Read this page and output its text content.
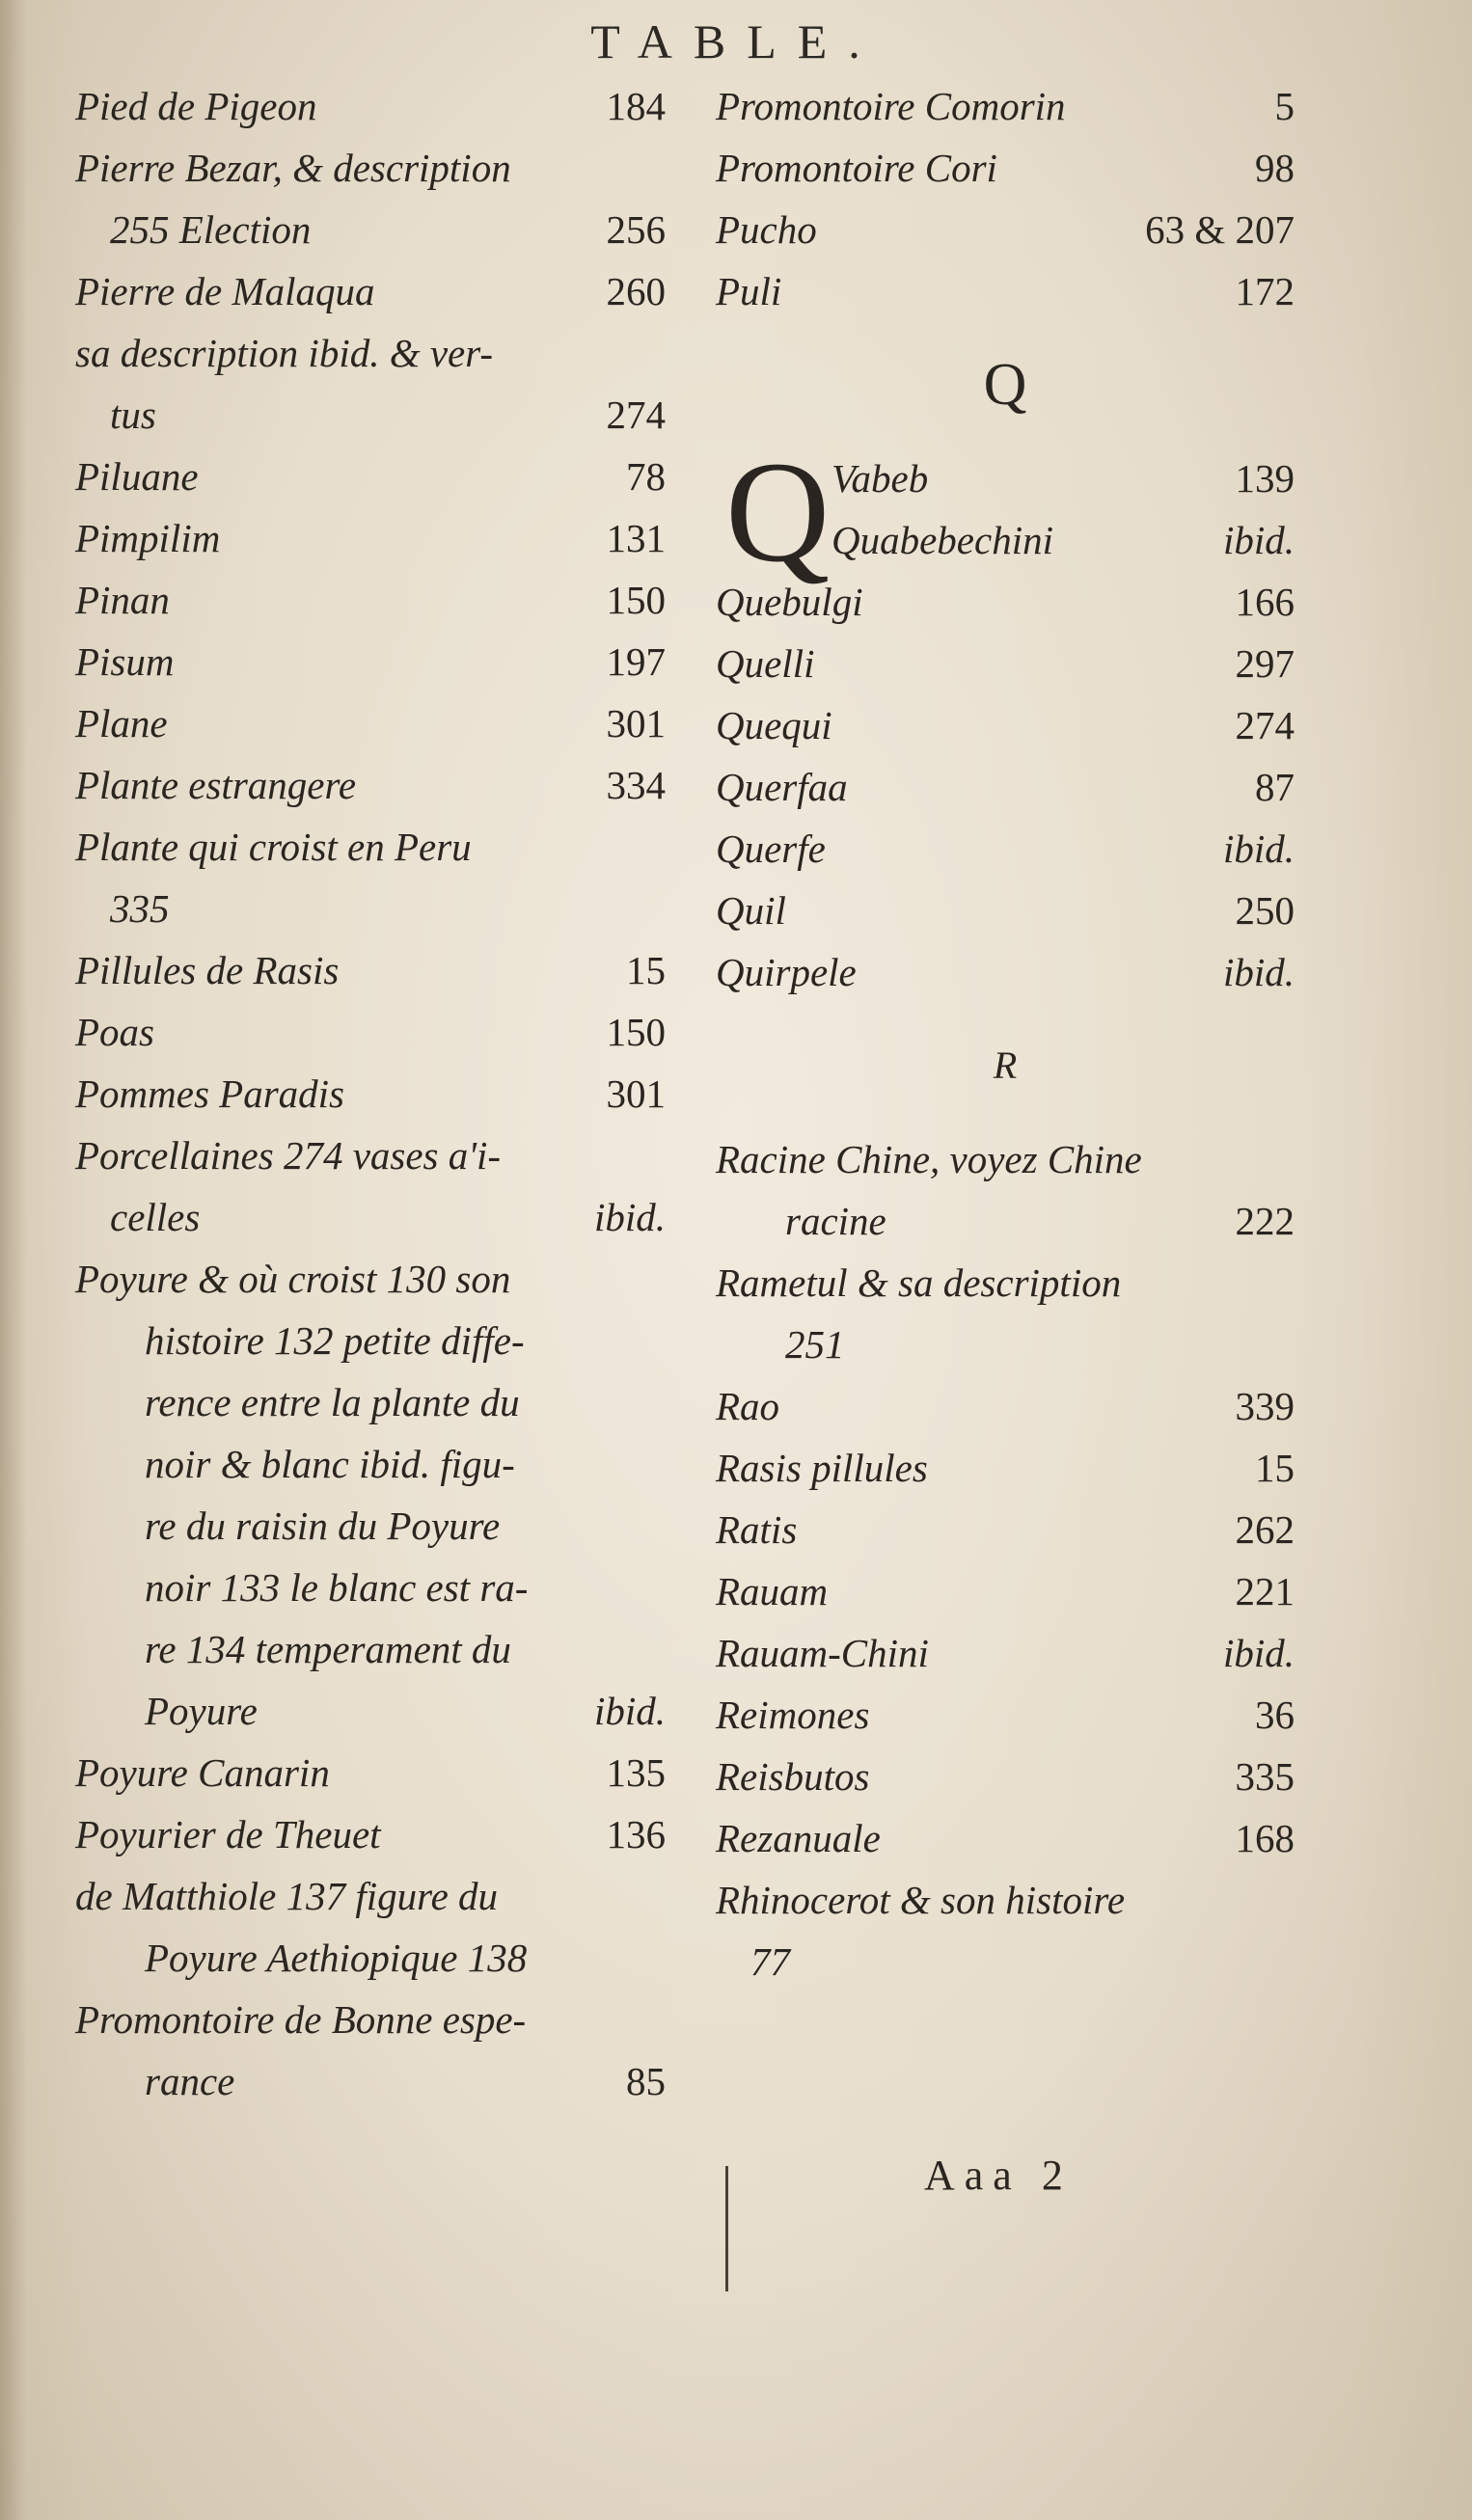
TABLE.
Pied de Pigeon	184
Pierre Bezar, & description
255 Election	256
Pierre de Malaqua	260
sa description ibid. & ver-
tus	274
Piluane	78
Pimpilim	131
Pinan	150
Pisum	197
Plane	301
Plante estrangere	334
Plante qui croist en Peru
335
Pillules de Rasis	15
Poas	150
Pommes Paradis	301
Porcellaines 274 vases a'i-
celles	ibid.
Poyure & où croist 130 son
histoire 132 petite diffe-
rence entre la plante du
noir & blanc ibid. figu-
re du raisin du Poyure
noir 133 le blanc est ra-
re 134 temperament du
Poyure	ibid.
Poyure Canarin	135
Poyurier de Theuet	136
de Matthiole 137 figure du
Poyure Aethiopique 138
Promontoire de Bonne espe-
rance	85
Promontoire Comorin	5
Promontoire Cori	98
Pucho	63 & 207
Puli	172
Q
Q Vabeb	139
Quabebechini	ibid.
Quebulgi	166
Quelli	297
Quequi	274
Querfaa	87
Querfe	ibid.
Quil	250
Quirpele	ibid.
R
Racine Chine, voyez Chine
racine	222
Rametul & sa description
251
Rao	339
Rasis pillules	15
Ratis	262
Rauam	221
Rauam-Chini	ibid.
Reimones	36
Reisbutos	335
Rezanuale	168
Rhinocerot & son histoire
77
Aaa 2
